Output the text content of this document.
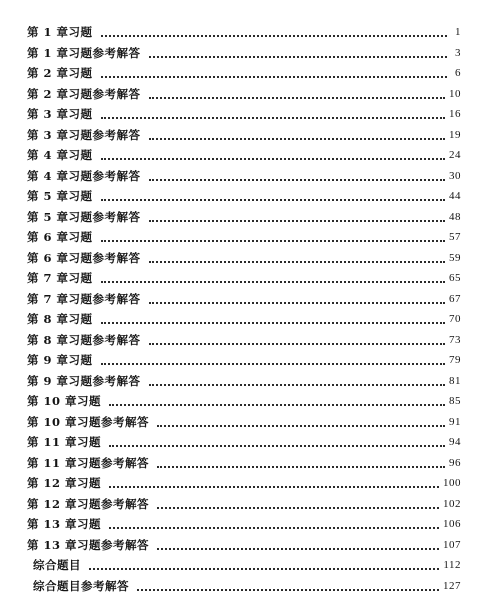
第 1 章习题	1
第 1 章习题参考解答	3
第 2 章习题	6
第 2 章习题参考解答	10
第 3 章习题	16
第 3 章习题参考解答	19
第 4 章习题	24
第 4 章习题参考解答	30
第 5 章习题	44
第 5 章习题参考解答	48
第 6 章习题	57
第 6 章习题参考解答	59
第 7 章习题	65
第 7 章习题参考解答	67
第 8 章习题	70
第 8 章习题参考解答	73
第 9 章习题	79
第 9 章习题参考解答	81
第 10 章习题	85
第 10 章习题参考解答	91
第 11 章习题	94
第 11 章习题参考解答	96
第 12 章习题	100
第 12 章习题参考解答	102
第 13 章习题	106
第 13 章习题参考解答	107
综合题目	112
综合题目参考解答	127
